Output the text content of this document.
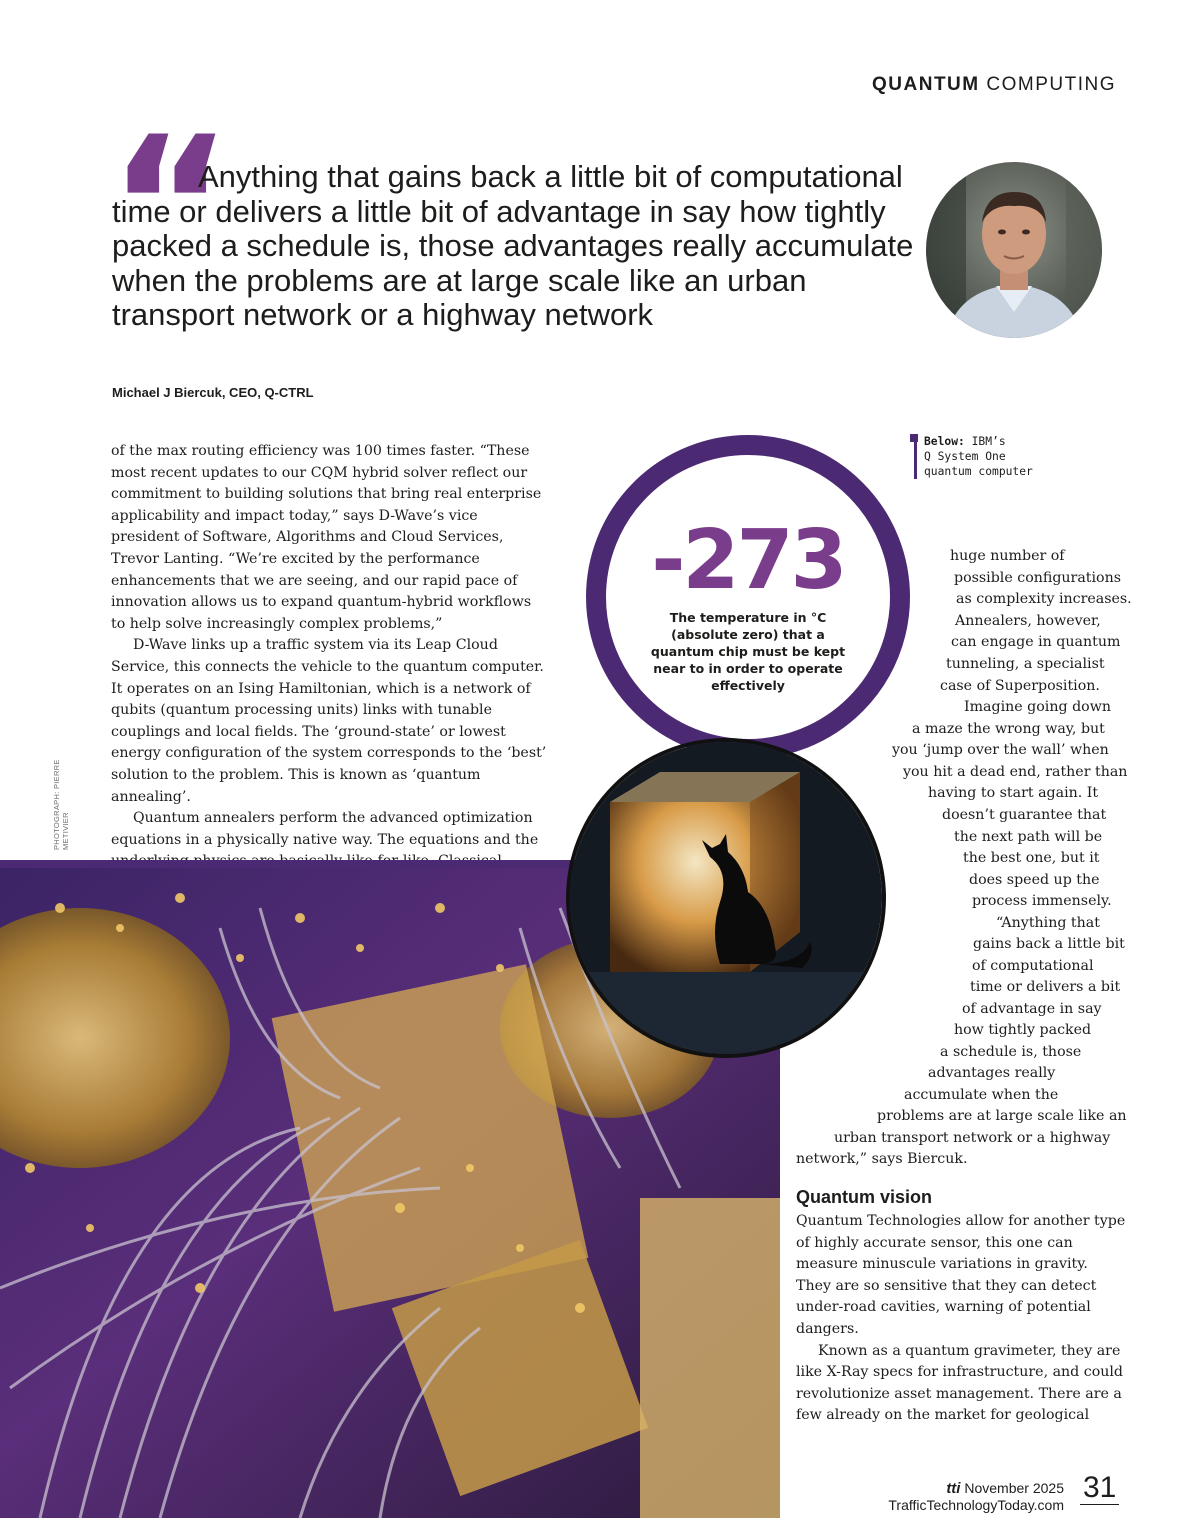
QUANTUM COMPUTING
“

Anything that gains back a little bit of computational time or delivers a little bit of advantage in say how tightly packed a schedule is, those advantages really accumulate when the problems are at large scale like an urban transport network or a highway network

Michael J Biercuk, CEO, Q-CTRL

of the max routing efficiency was 100 times faster. “These most recent updates to our CQM hybrid solver reflect our commitment to building solutions that bring real enterprise applicability and impact today,” says D-Wave’s vice president of Software, Algorithms and Cloud Services, Trevor Lanting. “We’re excited by the performance enhancements that we are seeing, and our rapid pace of innovation allows us to expand quantum-hybrid workflows to help solve increasingly complex problems,”

D-Wave links up a traffic system via its Leap Cloud Service, this connects the vehicle to the quantum computer. It operates on an Ising Hamiltonian, which is a network of qubits (quantum processing units) links with tunable couplings and local fields. The ‘ground-state’ or lowest energy configuration of the system corresponds to the ‘best’ solution to the problem. This is known as ‘quantum annealing’.

Quantum annealers perform the advanced optimization equations in a physically native way. The equations and the

PHOTOGRAPH: PIERRE METIVIER
-273
The temperature in °C (absolute zero) that a quantum chip must be kept near to in order to operate effectively
Below: IBM’s
Q System One
quantum computer
huge number of
possible configurations
as complexity increases.
Annealers, however,
can engage in quantum
tunneling, a specialist
case of Superposition.
Imagine going down
a maze the wrong way, but
you ‘jump over the wall’ when
you hit a dead end, rather than
having to start again. It
doesn’t guarantee that
the next path will be
the best one, but it
does speed up the
process immensely.
“Anything that
gains back a little bit
of computational
time or delivers a bit
of advantage in say
how tightly packed
a schedule is, those
advantages really
accumulate when the
problems are at large scale like an
urban transport network or a highway
network,” says Biercuk.
Quantum vision

Quantum Technologies allow for another type of highly accurate sensor, this one can measure minuscule variations in gravity. They are so sensitive that they can detect under-road cavities, warning of potential dangers.

Known as a quantum gravimeter, they are like X-Ray specs for infrastructure, and could revolutionize asset management. There are a few already on the market for geological

tti November 2025
TrafficTechnologyToday.com
31
